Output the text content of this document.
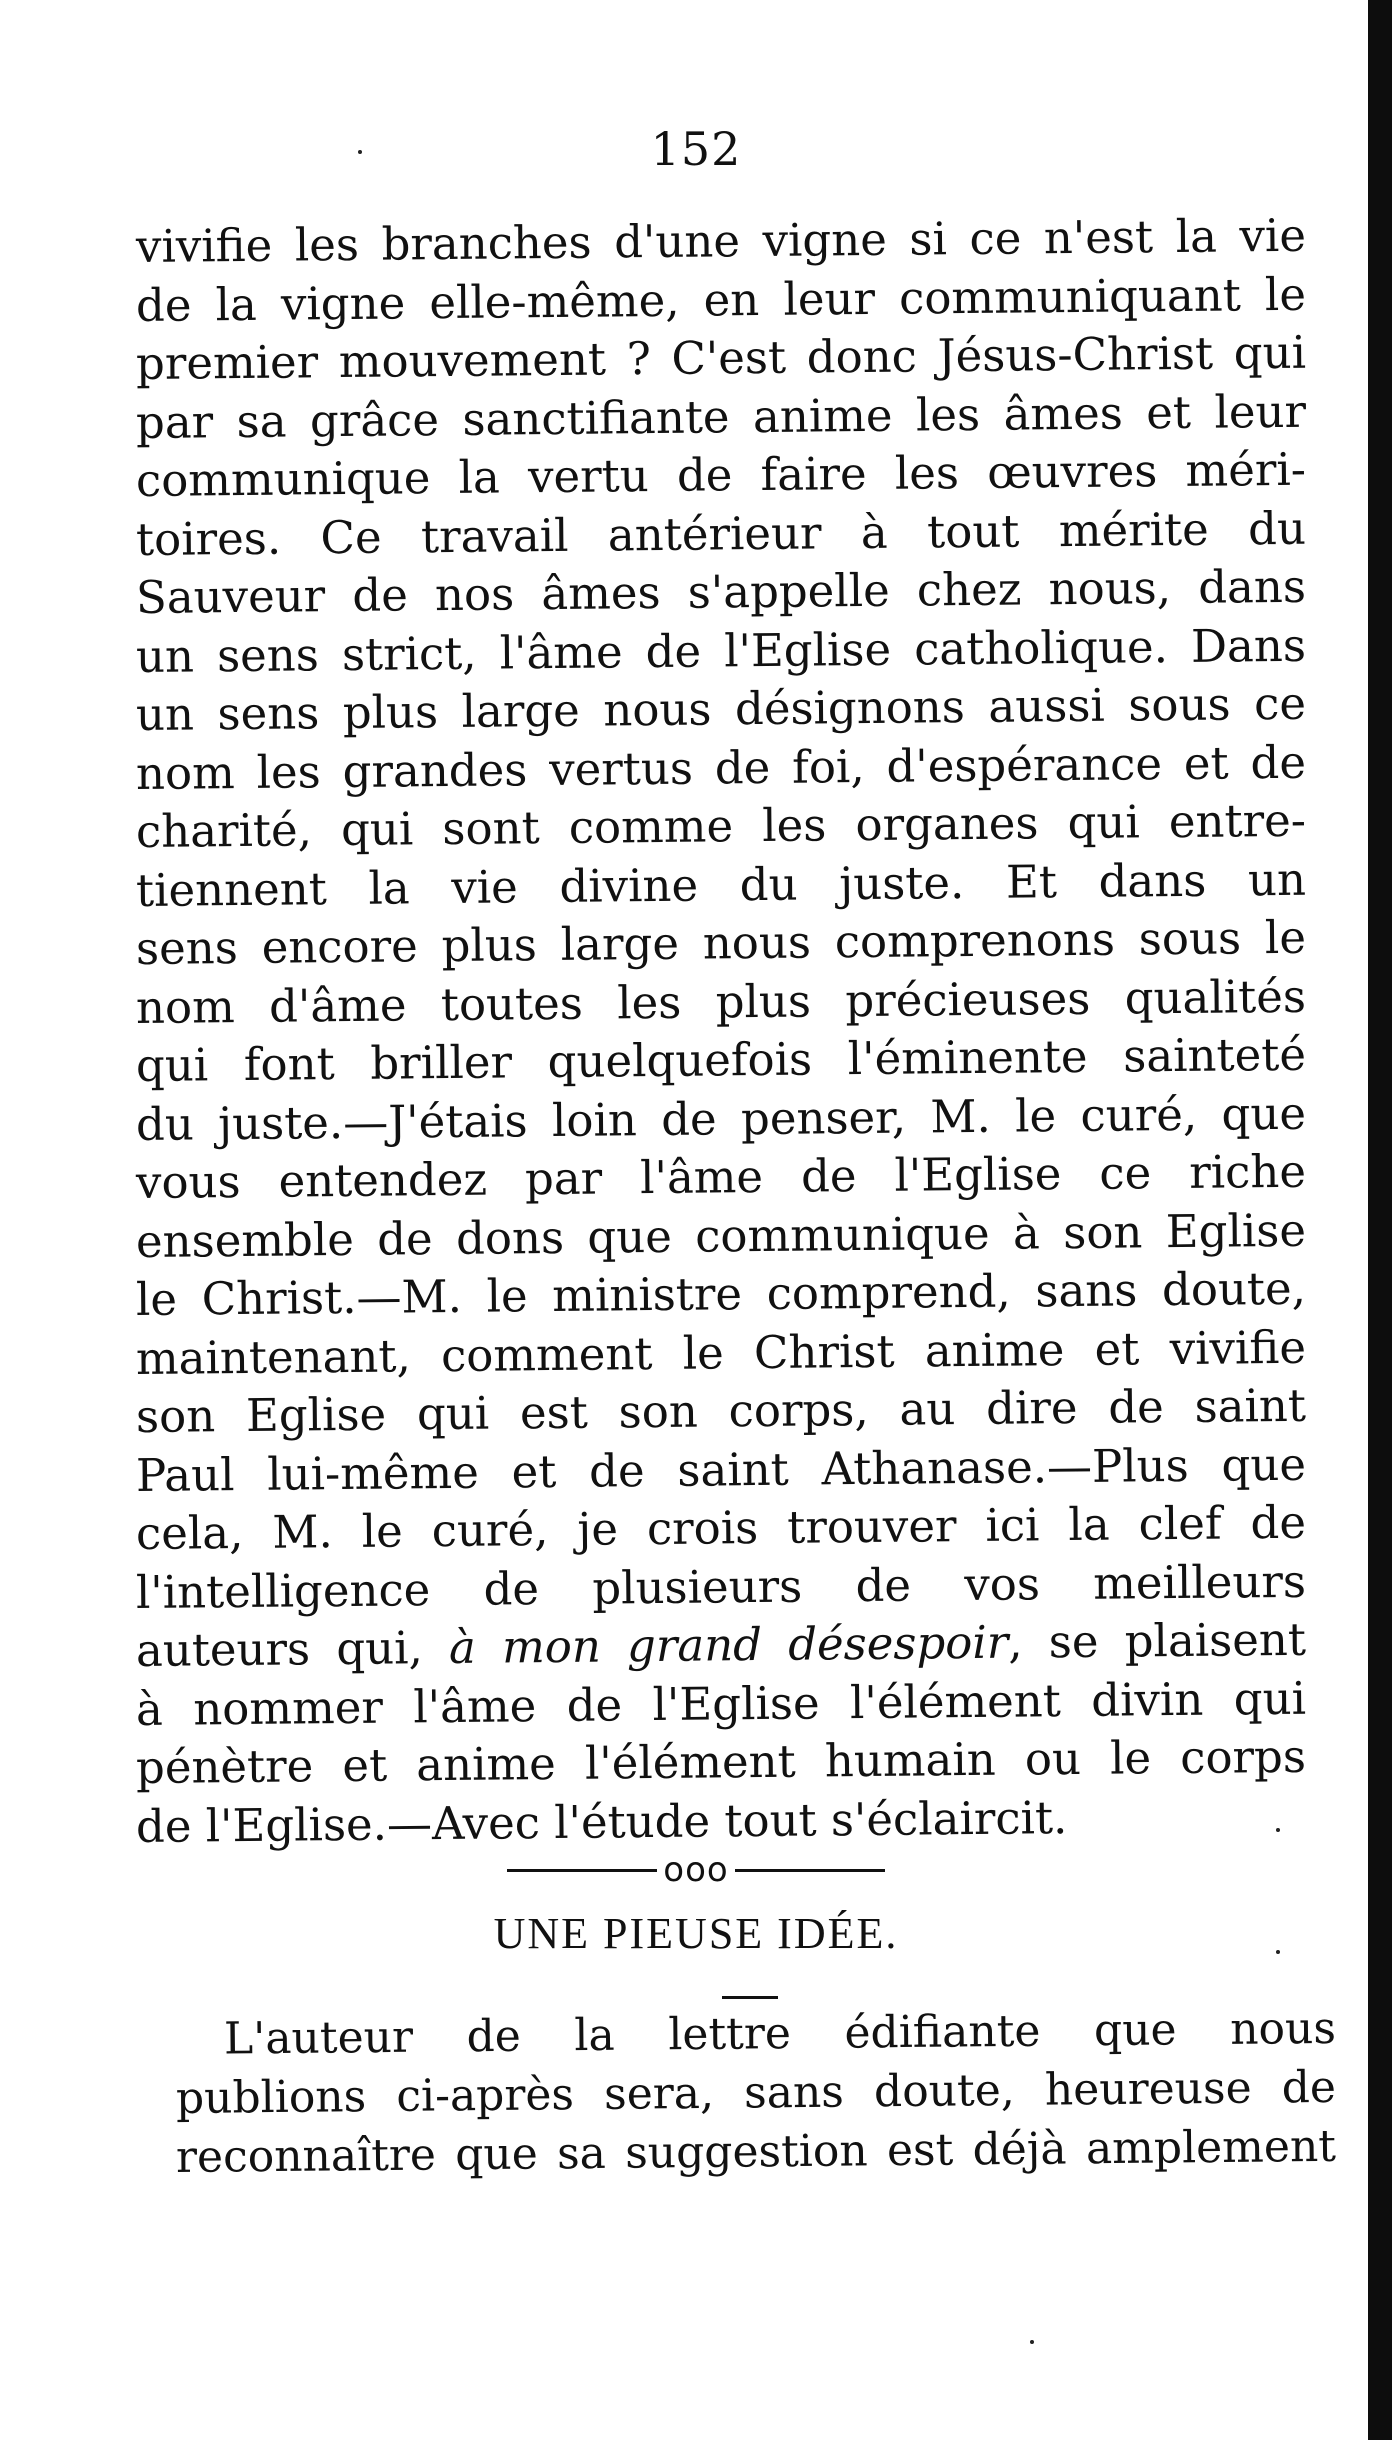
152
vivifie les branches d'une vigne si ce n'est la vie
de la vigne elle-même, en leur communiquant le
premier mouvement ? C'est donc Jésus-Christ qui
par sa grâce sanctifiante anime les âmes et leur
communique la vertu de faire les œuvres méri-
toires. Ce travail antérieur à tout mérite du
Sauveur de nos âmes s'appelle chez nous, dans
un sens strict, l'âme de l'Eglise catholique. Dans
un sens plus large nous désignons aussi sous ce
nom les grandes vertus de foi, d'espérance et de
charité, qui sont comme les organes qui entre-
tiennent la vie divine du juste. Et dans un
sens encore plus large nous comprenons sous le
nom d'âme toutes les plus précieuses qualités
qui font briller quelquefois l'éminente sainteté
du juste.—J'étais loin de penser, M. le curé, que
vous entendez par l'âme de l'Eglise ce riche
ensemble de dons que communique à son Eglise
le Christ.—M. le ministre comprend, sans doute,
maintenant, comment le Christ anime et vivifie
son Eglise qui est son corps, au dire de saint
Paul lui-même et de saint Athanase.—Plus que
cela, M. le curé, je crois trouver ici la clef de
l'intelligence de plusieurs de vos meilleurs
auteurs qui, à mon grand désespoir, se plaisent
à nommer l'âme de l'Eglise l'élément divin qui
pénètre et anime l'élément humain ou le corps
de l'Eglise.—Avec l'étude tout s'éclaircit.
ooo
UNE PIEUSE IDÉE.
L'auteur de la lettre édifiante que nous
publions ci-après sera, sans doute, heureuse de
reconnaître que sa suggestion est déjà amplement
